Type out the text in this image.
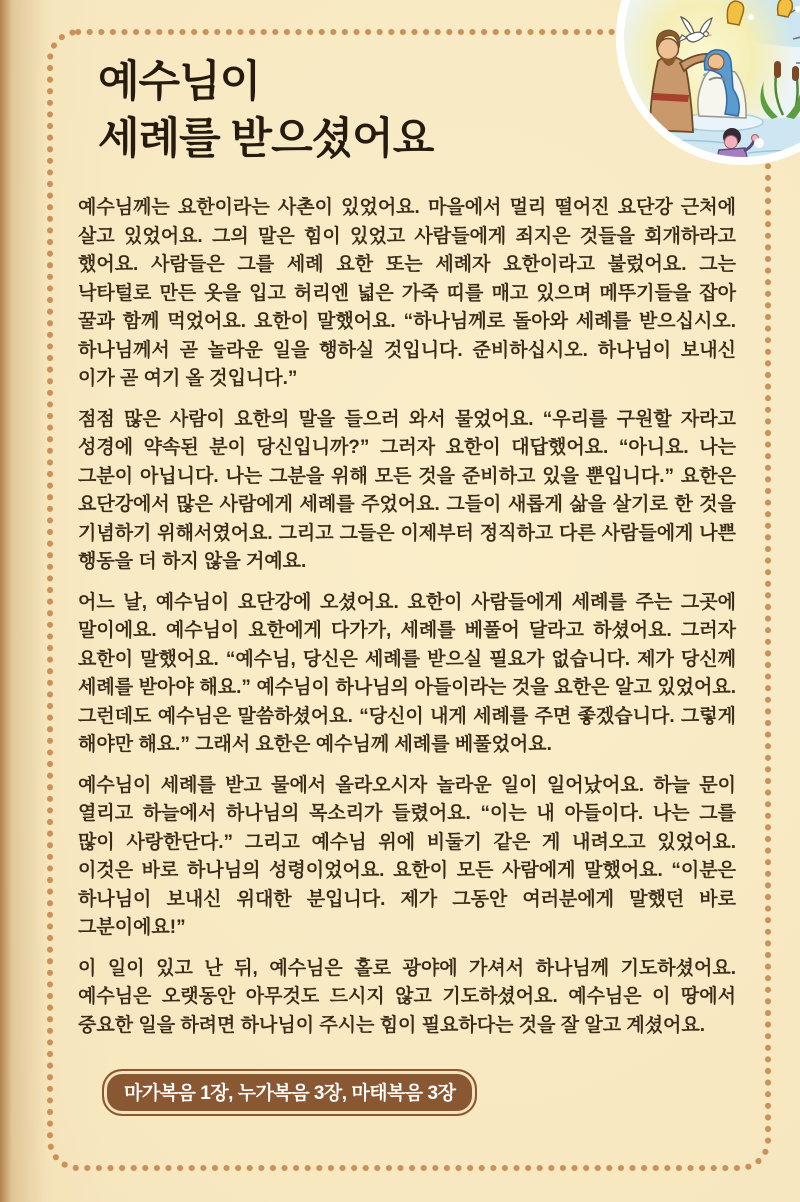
예수님이
세례를 받으셨어요

예수님께는 요한이라는 사촌이 있었어요. 마을에서 멀리 떨어진 요단강 근처에 살고 있었어요. 그의 말은 힘이 있었고 사람들에게 죄지은 것들을 회개하라고 했어요. 사람들은 그를 세례 요한 또는 세례자 요한이라고 불렀어요. 그는 낙타털로 만든 옷을 입고 허리엔 넓은 가죽 띠를 매고 있으며 메뚜기들을 잡아 꿀과 함께 먹었어요. 요한이 말했어요. “하나님께로 돌아와 세례를 받으십시오. 하나님께서 곧 놀라운 일을 행하실 것입니다. 준비하십시오. 하나님이 보내신 이가 곧 여기 올 것입니다.”

점점 많은 사람이 요한의 말을 들으러 와서 물었어요. “우리를 구원할 자라고 성경에 약속된 분이 당신입니까?” 그러자 요한이 대답했어요. “아니요. 나는 그분이 아닙니다. 나는 그분을 위해 모든 것을 준비하고 있을 뿐입니다.” 요한은 요단강에서 많은 사람에게 세례를 주었어요. 그들이 새롭게 삶을 살기로 한 것을 기념하기 위해서였어요. 그리고 그들은 이제부터 정직하고 다른 사람들에게 나쁜 행동을 더 하지 않을 거예요.

어느 날, 예수님이 요단강에 오셨어요. 요한이 사람들에게 세례를 주는 그곳에 말이에요. 예수님이 요한에게 다가가, 세례를 베풀어 달라고 하셨어요. 그러자 요한이 말했어요. “예수님, 당신은 세례를 받으실 필요가 없습니다. 제가 당신께 세례를 받아야 해요.” 예수님이 하나님의 아들이라는 것을 요한은 알고 있었어요. 그런데도 예수님은 말씀하셨어요. “당신이 내게 세례를 주면 좋겠습니다. 그렇게 해야만 해요.” 그래서 요한은 예수님께 세례를 베풀었어요.

예수님이 세례를 받고 물에서 올라오시자 놀라운 일이 일어났어요. 하늘 문이 열리고 하늘에서 하나님의 목소리가 들렸어요. “이는 내 아들이다. 나는 그를 많이 사랑한단다.” 그리고 예수님 위에 비둘기 같은 게 내려오고 있었어요. 이것은 바로 하나님의 성령이었어요. 요한이 모든 사람에게 말했어요. “이분은 하나님이 보내신 위대한 분입니다. 제가 그동안 여러분에게 말했던 바로 그분이에요!”

이 일이 있고 난 뒤, 예수님은 홀로 광야에 가셔서 하나님께 기도하셨어요. 예수님은 오랫동안 아무것도 드시지 않고 기도하셨어요. 예수님은 이 땅에서 중요한 일을 하려면 하나님이 주시는 힘이 필요하다는 것을 잘 알고 계셨어요.

마가복음 1장, 누가복음 3장, 마태복음 3장
